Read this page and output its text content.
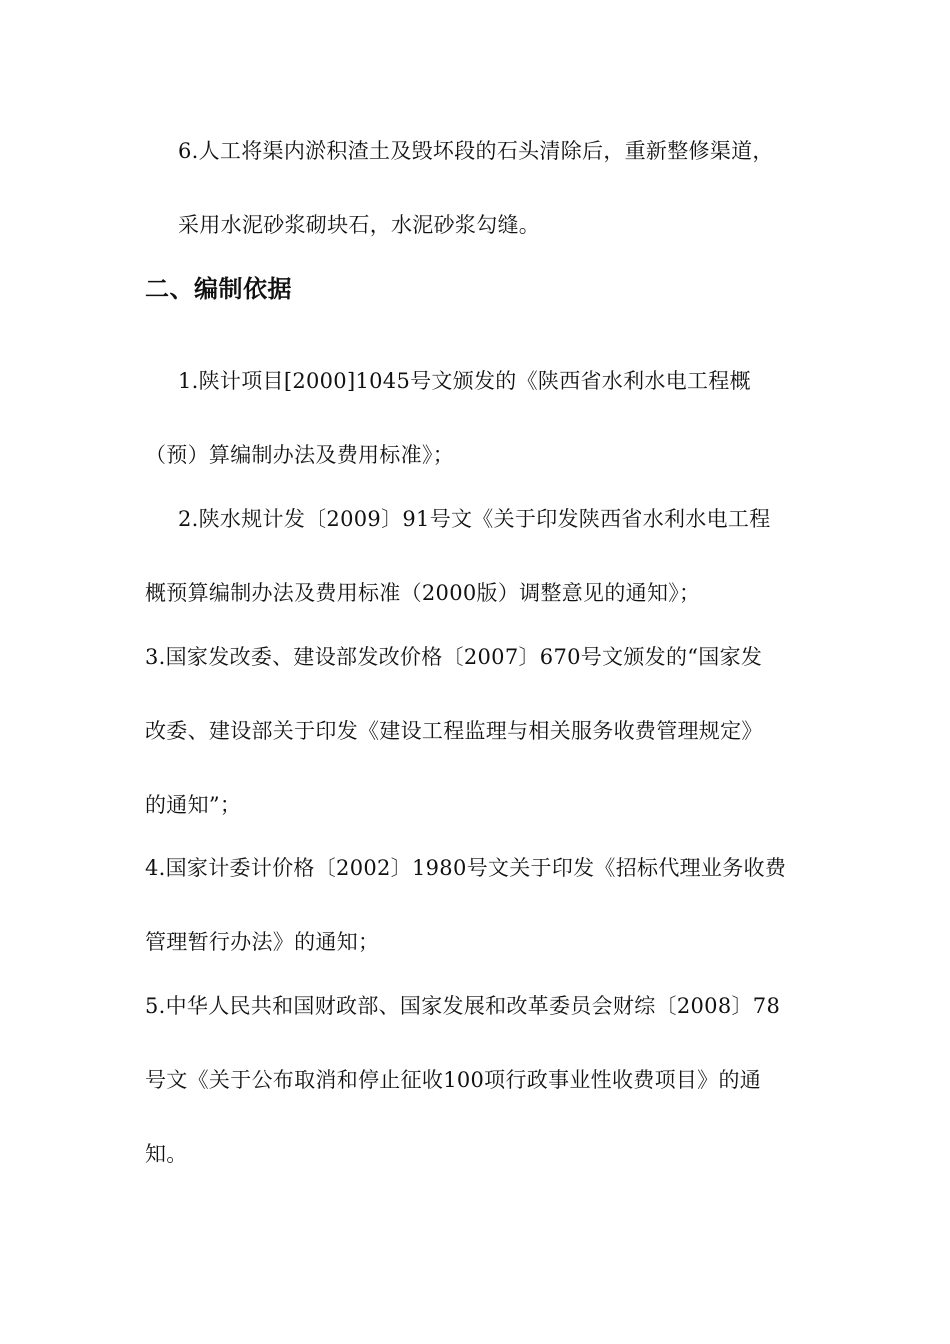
6.人工将渠内淤积渣土及毁坏段的石头清除后，重新整修渠道，
采用水泥砂浆砌块石，水泥砂浆勾缝。
二、编制依据
1.陕计项目[2000]1045号文颁发的《陕西省水利水电工程概
（预）算编制办法及费用标准》；
2.陕水规计发〔2009〕91号文《关于印发陕西省水利水电工程
概预算编制办法及费用标准（2000版）调整意见的通知》；
3.国家发改委、建设部发改价格〔2007〕670号文颁发的“国家发
改委、建设部关于印发《建设工程监理与相关服务收费管理规定》
的通知”；
4.国家计委计价格〔2002〕1980号文关于印发《招标代理业务收费
管理暂行办法》的通知；
5.中华人民共和国财政部、国家发展和改革委员会财综〔2008〕78
号文《关于公布取消和停止征收100项行政事业性收费项目》的通
知。
